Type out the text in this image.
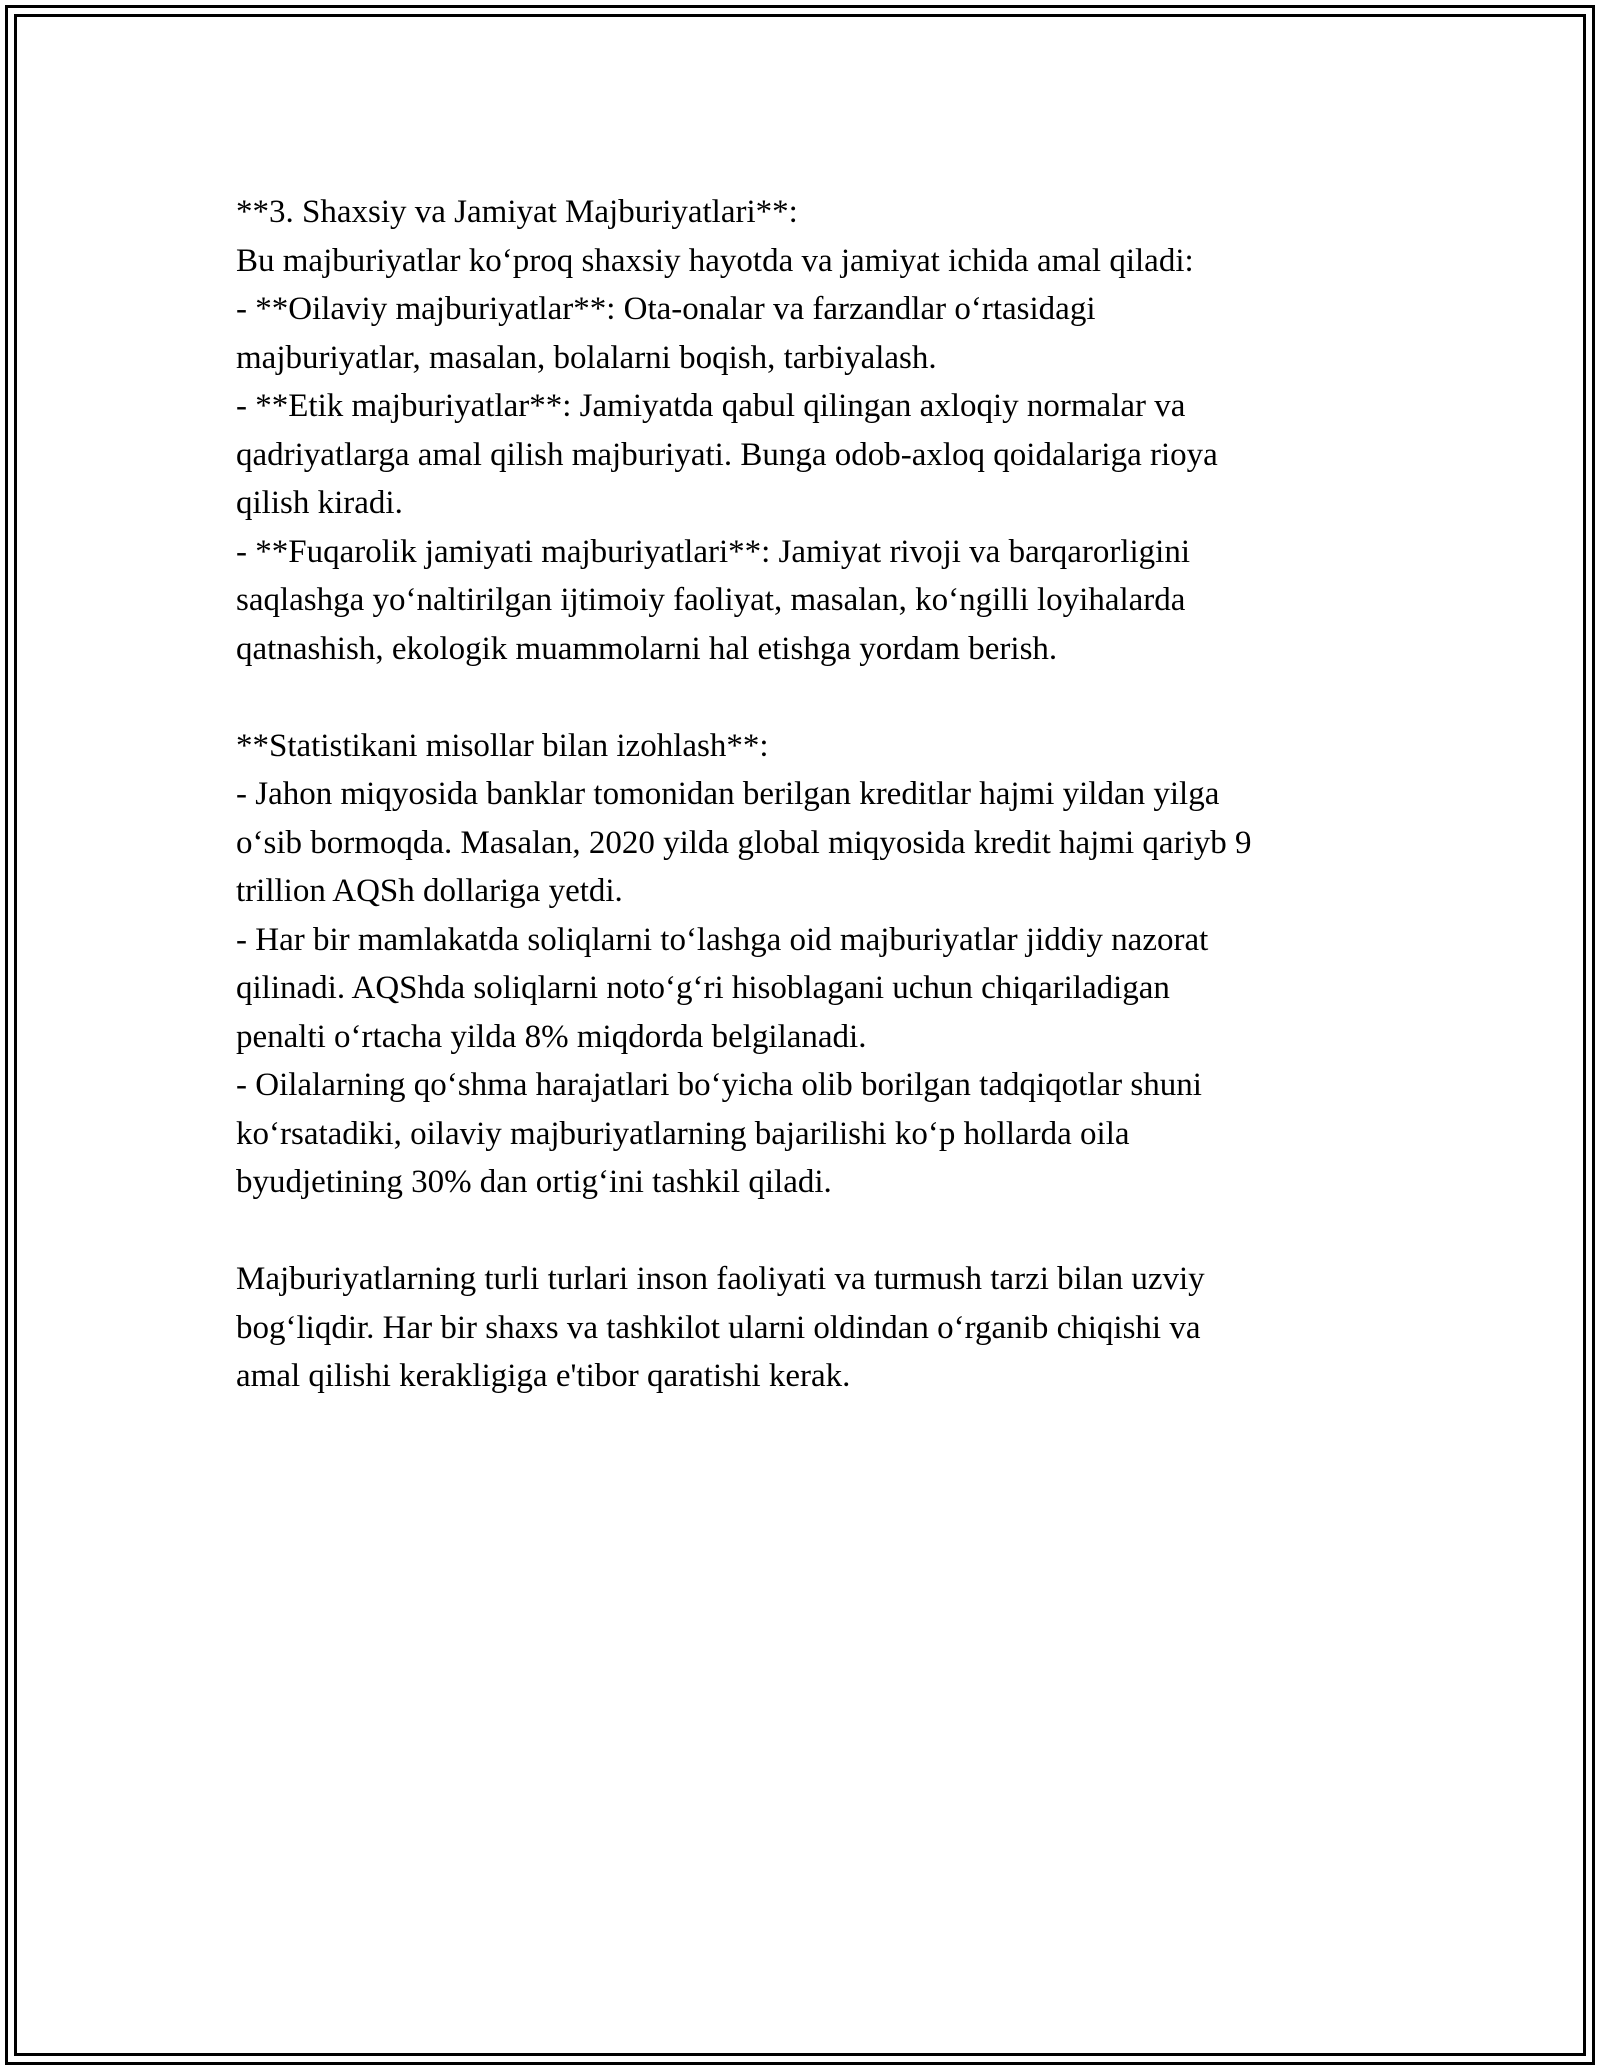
**3. Shaxsiy va Jamiyat Majburiyatlari**:

Bu majburiyatlar ko‘proq shaxsiy hayotda va jamiyat ichida amal qiladi:

- **Oilaviy majburiyatlar**: Ota-onalar va farzandlar o‘rtasidagi

majburiyatlar, masalan, bolalarni boqish, tarbiyalash.

- **Etik majburiyatlar**: Jamiyatda qabul qilingan axloqiy normalar va

qadriyatlarga amal qilish majburiyati. Bunga odob-axloq qoidalariga rioya

qilish kiradi.

- **Fuqarolik jamiyati majburiyatlari**: Jamiyat rivoji va barqarorligini

saqlashga yo‘naltirilgan ijtimoiy faoliyat, masalan, ko‘ngilli loyihalarda

qatnashish, ekologik muammolarni hal etishga yordam berish.

**Statistikani misollar bilan izohlash**:

- Jahon miqyosida banklar tomonidan berilgan kreditlar hajmi yildan yilga

o‘sib bormoqda. Masalan, 2020 yilda global miqyosida kredit hajmi qariyb 9

trillion AQSh dollariga yetdi.

- Har bir mamlakatda soliqlarni to‘lashga oid majburiyatlar jiddiy nazorat

qilinadi. AQShda soliqlarni noto‘g‘ri hisoblagani uchun chiqariladigan

penalti o‘rtacha yilda 8% miqdorda belgilanadi.

- Oilalarning qo‘shma harajatlari bo‘yicha olib borilgan tadqiqotlar shuni

ko‘rsatadiki, oilaviy majburiyatlarning bajarilishi ko‘p hollarda oila

byudjetining 30% dan ortig‘ini tashkil qiladi.

Majburiyatlarning turli turlari inson faoliyati va turmush tarzi bilan uzviy

bog‘liqdir. Har bir shaxs va tashkilot ularni oldindan o‘rganib chiqishi va

amal qilishi kerakligiga e'tibor qaratishi kerak.
